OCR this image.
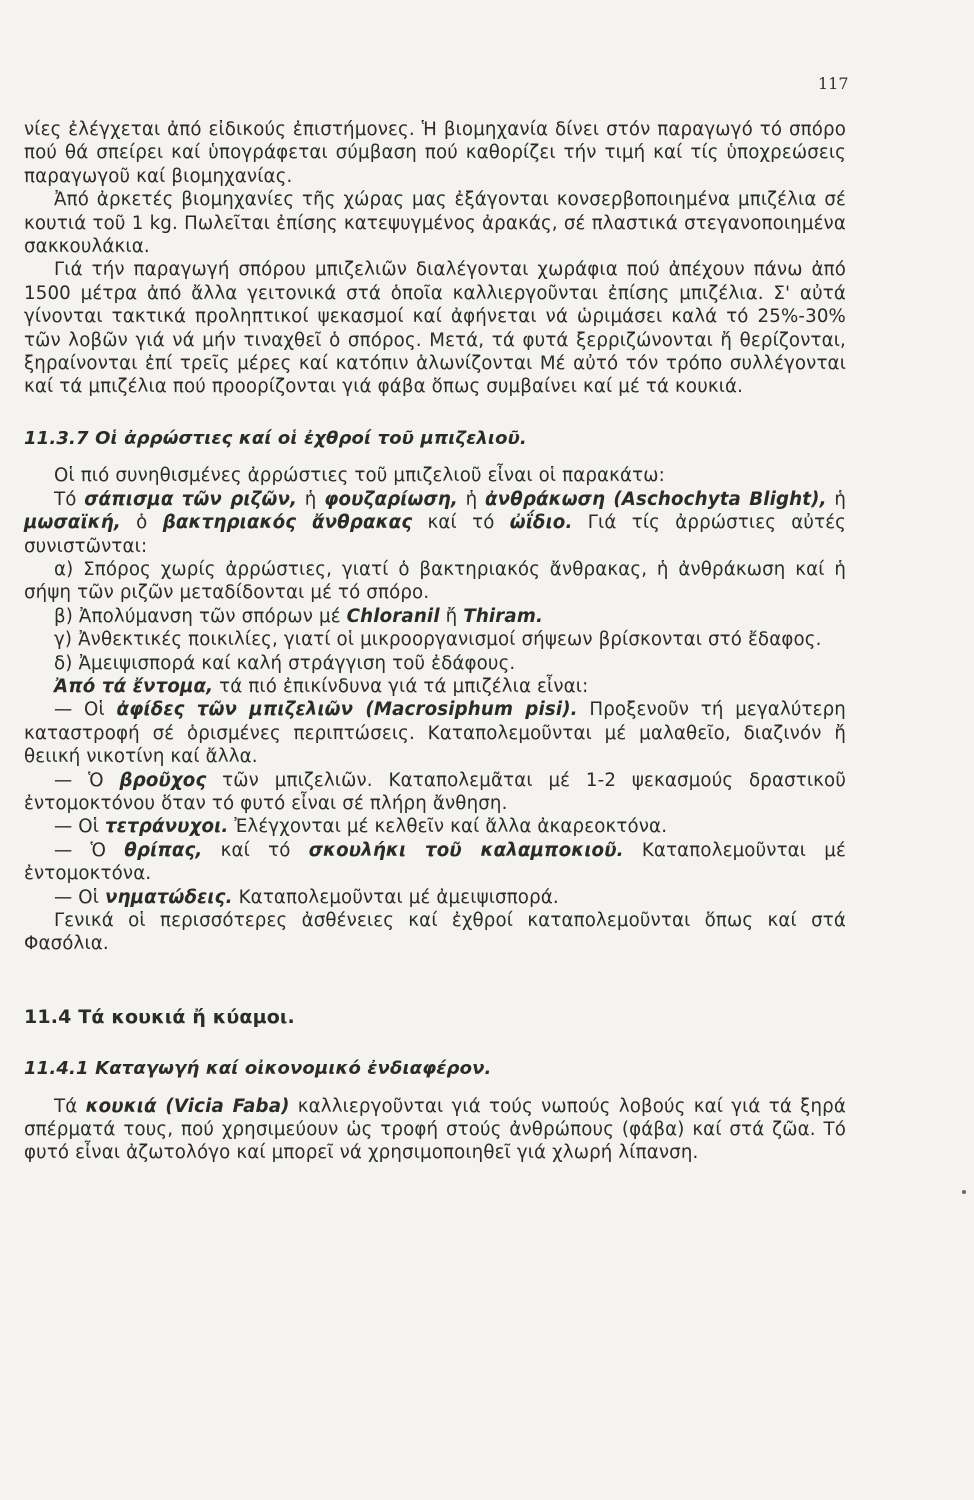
117

νίες ἐλέγχεται ἀπό εἰδικούς ἐπιστήμονες. Ἡ βιομηχανία δίνει στόν παραγωγό τό σπόρο πού θά σπείρει καί ὑπογράφεται σύμβαση πού καθορίζει τήν τιμή καί τίς ὑποχρεώσεις παραγωγοῦ καί βιομηχανίας.

Ἀπό ἀρκετές βιομηχανίες τῆς χώρας μας ἐξάγονται κονσερβοποιημένα μπιζέλια σέ κουτιά τοῦ 1 kg. Πωλεῖται ἐπίσης κατεψυγμένος ἀρακάς, σέ πλαστικά στεγανοποιημένα σακκουλάκια.

Γιά τήν παραγωγή σπόρου μπιζελιῶν διαλέγονται χωράφια πού ἀπέχουν πάνω ἀπό 1500 μέτρα ἀπό ἄλλα γειτονικά στά ὁποῖα καλλιεργοῦνται ἐπίσης μπιζέλια. Σ' αὐτά γίνονται τακτικά προληπτικοί ψεκασμοί καί ἀφήνεται νά ὡριμάσει καλά τό 25%-30% τῶν λοβῶν γιά νά μήν τιναχθεῖ ὁ σπόρος. Μετά, τά φυτά ξερριζώνονται ἤ θερίζονται, ξηραίνονται ἐπί τρεῖς μέρες καί κατόπιν ἁλωνίζονται Μέ αὐτό τόν τρόπο συλλέγονται καί τά μπιζέλια πού προορίζονται γιά φάβα ὅπως συμβαίνει καί μέ τά κουκιά.

11.3.7 Οἱ ἀρρώστιες καί οἱ ἐχθροί τοῦ μπιζελιοῦ.

Οἱ πιό συνηθισμένες ἀρρώστιες τοῦ μπιζελιοῦ εἶναι οἱ παρακάτω:

Τό σάπισμα τῶν ριζῶν, ἡ φουζαρίωση, ἡ ἀνθράκωση (Aschochyta Blight), ἡ μωσαϊκή, ὁ βακτηριακός ἄνθρακας καί τό ὠΐδιο. Γιά τίς ἀρρώστιες αὐτές συνιστῶνται:

α) Σπόρος χωρίς ἀρρώστιες, γιατί ὁ βακτηριακός ἄνθρακας, ἡ ἀνθράκωση καί ἡ σήψη τῶν ριζῶν μεταδίδονται μέ τό σπόρο.

β) Ἀπολύμανση τῶν σπόρων μέ Chloranil ἤ Thiram.

γ) Ἀνθεκτικές ποικιλίες, γιατί οἱ μικροοργανισμοί σήψεων βρίσκονται στό ἔδαφος.

δ) Ἀμειψισπορά καί καλή στράγγιση τοῦ ἐδάφους.

Ἀπό τά ἔντομα, τά πιό ἐπικίνδυνα γιά τά μπιζέλια εἶναι:

— Οἱ ἀφίδες τῶν μπιζελιῶν (Macrosiphum pisi). Προξενοῦν τή μεγαλύτερη καταστροφή σέ ὁρισμένες περιπτώσεις. Καταπολεμοῦνται μέ μαλαθεῖο, διαζινόν ἤ θειική νικοτίνη καί ἄλλα.

— Ὁ βροῦχος τῶν μπιζελιῶν. Καταπολεμᾶται μέ 1-2 ψεκασμούς δραστικοῦ ἐντομοκτόνου ὅταν τό φυτό εἶναι σέ πλήρη ἄνθηση.

— Οἱ τετράνυχοι. Ἐλέγχονται μέ κελθεῖν καί ἄλλα ἀκαρεοκτόνα.

— Ὁ θρίπας, καί τό σκουλήκι τοῦ καλαμποκιοῦ. Καταπολεμοῦνται μέ ἐντομοκτόνα.

— Οἱ νηματώδεις. Καταπολεμοῦνται μέ ἀμειψισπορά.

Γενικά οἱ περισσότερες ἀσθένειες καί ἐχθροί καταπολεμοῦνται ὅπως καί στά Φασόλια.

11.4 Τά κουκιά ἤ κύαμοι.

11.4.1 Καταγωγή καί οἰκονομικό ἐνδιαφέρον.

Τά κουκιά (Vicia Faba) καλλιεργοῦνται γιά τούς νωπούς λοβούς καί γιά τά ξηρά σπέρματά τους, πού χρησιμεύουν ὡς τροφή στούς ἀνθρώπους (φάβα) καί στά ζῶα. Τό φυτό εἶναι ἀζωτολόγο καί μπορεῖ νά χρησιμοποιηθεῖ γιά χλωρή λίπανση.
